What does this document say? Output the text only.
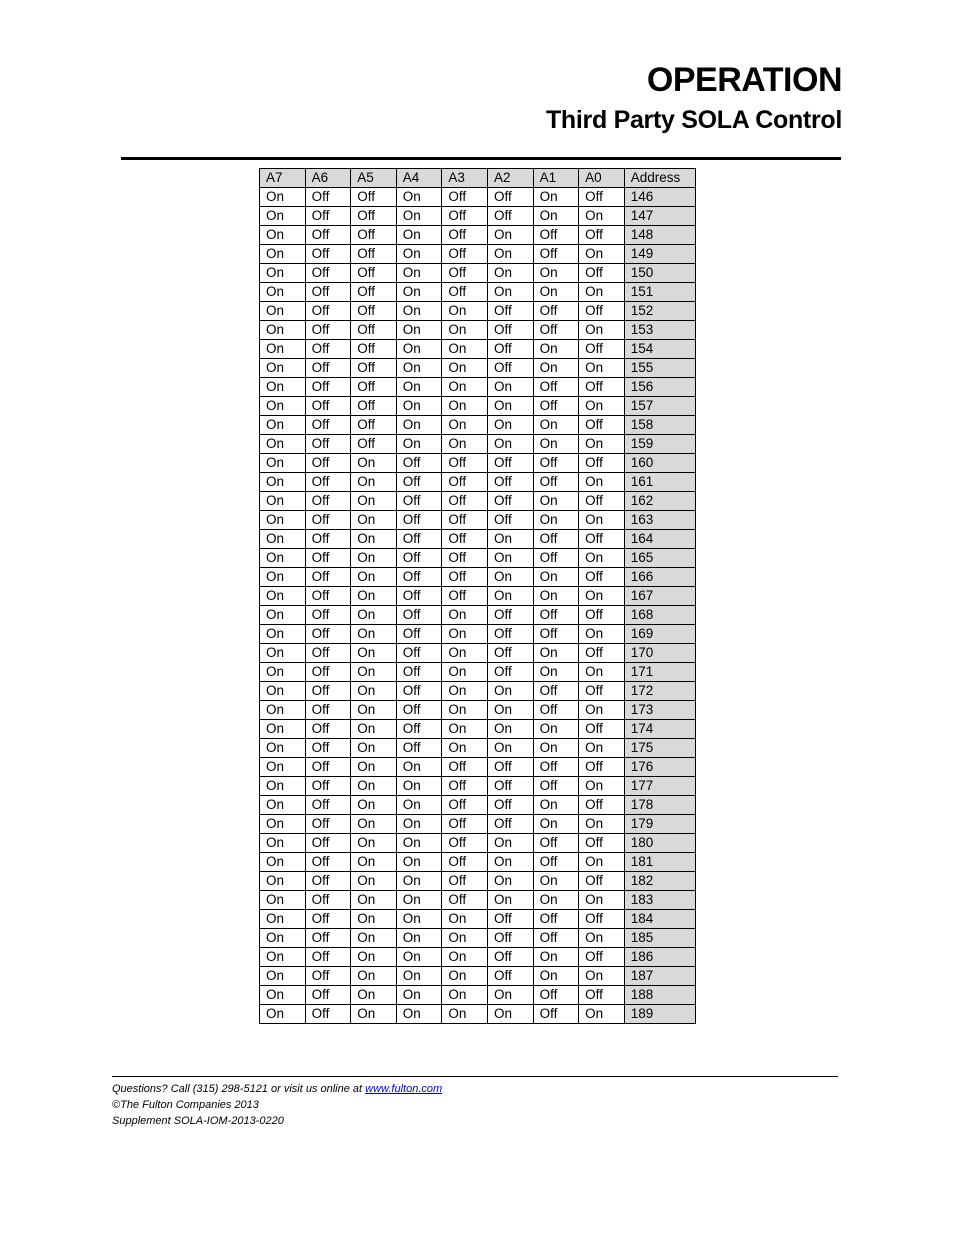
OPERATION
Third Party SOLA Control
A7	A6	A5	A4	A3	A2	A1	A0	Address
On	Off	Off	On	Off	Off	On	Off	146
On	Off	Off	On	Off	Off	On	On	147
On	Off	Off	On	Off	On	Off	Off	148
On	Off	Off	On	Off	On	Off	On	149
On	Off	Off	On	Off	On	On	Off	150
On	Off	Off	On	Off	On	On	On	151
On	Off	Off	On	On	Off	Off	Off	152
On	Off	Off	On	On	Off	Off	On	153
On	Off	Off	On	On	Off	On	Off	154
On	Off	Off	On	On	Off	On	On	155
On	Off	Off	On	On	On	Off	Off	156
On	Off	Off	On	On	On	Off	On	157
On	Off	Off	On	On	On	On	Off	158
On	Off	Off	On	On	On	On	On	159
On	Off	On	Off	Off	Off	Off	Off	160
On	Off	On	Off	Off	Off	Off	On	161
On	Off	On	Off	Off	Off	On	Off	162
On	Off	On	Off	Off	Off	On	On	163
On	Off	On	Off	Off	On	Off	Off	164
On	Off	On	Off	Off	On	Off	On	165
On	Off	On	Off	Off	On	On	Off	166
On	Off	On	Off	Off	On	On	On	167
On	Off	On	Off	On	Off	Off	Off	168
On	Off	On	Off	On	Off	Off	On	169
On	Off	On	Off	On	Off	On	Off	170
On	Off	On	Off	On	Off	On	On	171
On	Off	On	Off	On	On	Off	Off	172
On	Off	On	Off	On	On	Off	On	173
On	Off	On	Off	On	On	On	Off	174
On	Off	On	Off	On	On	On	On	175
On	Off	On	On	Off	Off	Off	Off	176
On	Off	On	On	Off	Off	Off	On	177
On	Off	On	On	Off	Off	On	Off	178
On	Off	On	On	Off	Off	On	On	179
On	Off	On	On	Off	On	Off	Off	180
On	Off	On	On	Off	On	Off	On	181
On	Off	On	On	Off	On	On	Off	182
On	Off	On	On	Off	On	On	On	183
On	Off	On	On	On	Off	Off	Off	184
On	Off	On	On	On	Off	Off	On	185
On	Off	On	On	On	Off	On	Off	186
On	Off	On	On	On	Off	On	On	187
On	Off	On	On	On	On	Off	Off	188
On	Off	On	On	On	On	Off	On	189
Questions? Call (315) 298-5121 or visit us online at www.fulton.com
©The Fulton Companies 2013
Supplement SOLA-IOM-2013-0220
